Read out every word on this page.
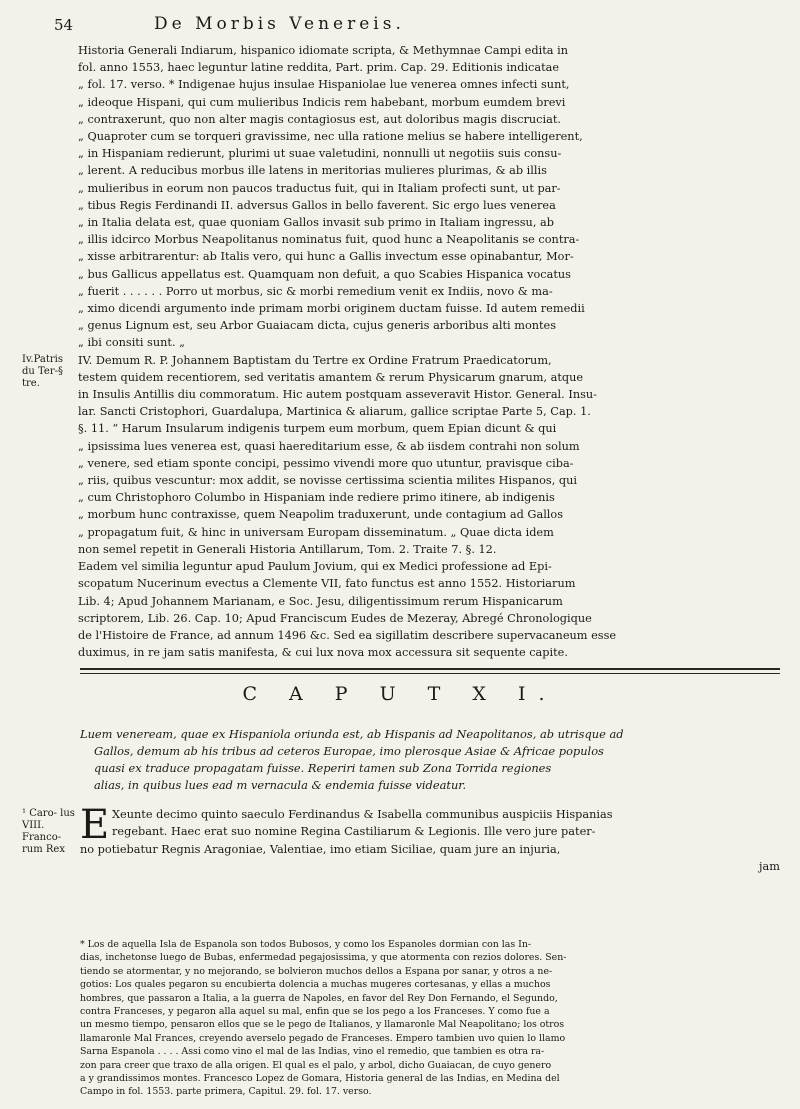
54	De Morbis Venereis.
Historia Generali Indiarum, hispanico idiomate scripta, & Methymnae Campi edita in
fol. anno 1553, haec leguntur latine reddita, Part. prim. Cap. 29. Editionis indicatae
„ fol. 17. verso. * Indigenae hujus insulae Hispaniolae lue venerea omnes infecti sunt,
„ ideoque Hispani, qui cum mulieribus Indicis rem habebant, morbum eumdem brevi
„ contraxerunt, quo non alter magis contagiosus est, aut doloribus magis discruciat.
„ Quaproter cum se torqueri gravissime, nec ulla ratione melius se habere intelligerent,
„ in Hispaniam redierunt, plurimi ut suae valetudini, nonnulli ut negotiis suis consu-
„ lerent. A reducibus morbus ille latens in meritorias mulieres plurimas, & ab illis
„ mulieribus in eorum non paucos traductus fuit, qui in Italiam profecti sunt, ut par-
„ tibus Regis Ferdinandi II. adversus Gallos in bello faverent. Sic ergo lues venerea
„ in Italia delata est, quae quoniam Gallos invasit sub primo in Italiam ingressu, ab
„ illis idcirco Morbus Neapolitanus nominatus fuit, quod hunc a Neapolitanis se contra-
„ xisse arbitrarentur: ab Italis vero, qui hunc a Gallis invectum esse opinabantur, Mor-
„ bus Gallicus appellatus est. Quamquam non defuit, a quo Scabies Hispanica vocatus
„ fuerit . . . . . . Porro ut morbus, sic & morbi remedium venit ex Indiis, novo & ma-
„ ximo dicendi argumento inde primam morbi originem ductam fuisse. Id autem remedii
„ genus Lignum est, seu Arbor Guaiacam dicta, cujus generis arboribus alti montes
„ ibi consiti sunt. „
IV. Demum R. P. Johannem Baptistam du Tertre ex Ordine Fratrum Praedicatorum,
testem quidem recentiorem, sed veritatis amantem & rerum Physicarum gnarum, atque
in Insulis Antillis diu commoratum. Hic autem postquam asseveravit Histor. General. Insu-
lar. Sancti Cristophori, Guardalupa, Martinica & aliarum, gallice scriptae Parte 5, Cap. 1.
§. 11. “ Harum Insularum indigenis turpem eum morbum, quem Epian dicunt & qui
„ ipsissima lues venerea est, quasi haereditarium esse, & ab iisdem contrahi non solum
„ venere, sed etiam sponte concipi, pessimo vivendi more quo utuntur, pravisque ciba-
„ riis, quibus vescuntur: mox addit, se novisse certissima scientia milites Hispanos, qui
„ cum Christophoro Columbo in Hispaniam inde rediere primo itinere, ab indigenis
„ morbum hunc contraxisse, quem Neapolim traduxerunt, unde contagium ad Gallos
„ propagatum fuit, & hinc in universam Europam disseminatum. „ Quae dicta idem
non semel repetit in Generali Historia Antillarum, Tom. 2. Traite 7. §. 12.
Eadem vel similia leguntur apud Paulum Jovium, qui ex Medici professione ad Epi-
scopatum Nucerinum evectus a Clemente VII, fato functus est anno 1552. Historiarum
Lib. 4; Apud Johannem Marianam, e Soc. Jesu, diligentissimum rerum Hispanicarum
scriptorem, Lib. 26. Cap. 10; Apud Franciscum Eudes de Mezeray, Abregé Chronologique
de l'Histoire de France, ad annum 1496 &c. Sed ea sigillatim describere supervacaneum esse
duximus, in re jam satis manifesta, & cui lux nova mox accessura sit sequente capite.
Iv.Patris du Ter-§ tre.
C A P U T X I.
Luem veneream, quae ex Hispaniola oriunda est, ab Hispanis ad Neapolitanos, ab utrisque ad
Gallos, demum ab his tribus ad ceteros Europae, imo plerosque Asiae & Africae populos
quasi ex traduce propagatam fuisse. Reperiri tamen sub Zona Torrida regiones
alias, in quibus lues ead m vernacula & endemia fuisse videatur.
¹ Caro- lus VIII. Franco- rum Rex
E Xeunte decimo quinto saeculo Ferdinandus & Isabella communibus auspiciis Hispanias
regebant. Haec erat suo nomine Regina Castiliarum & Legionis. Ille vero jure pater-
no potiebatur Regnis Aragoniae, Valentiae, imo etiam Siciliae, quam jure an injuria,
jam
* Los de aquella Isla de Espanola son todos Bubosos, y como los Espanoles dormian con las In-
dias, inchetonse luego de Bubas, enfermedad pegajosissima, y que atormenta con rezios dolores. Sen-
tiendo se atormentar, y no mejorando, se bolvieron muchos dellos a Espana por sanar, y otros a ne-
gotios: Los quales pegaron su encubierta dolencia a muchas mugeres cortesanas, y ellas a muchos
hombres, que passaron a Italia, a la guerra de Napoles, en favor del Rey Don Fernando, el Segundo,
contra Franceses, y pegaron alla aquel su mal, enfin que se los pego a los Franceses. Y como fue a
un mesmo tiempo, pensaron ellos que se le pego de Italianos, y llamaronle Mal Neapolitano; los otros
llamaronle Mal Frances, creyendo averselo pegado de Franceses. Empero tambien uvo quien lo llamo
Sarna Espanola . . . . Assi como vino el mal de las Indias, vino el remedio, que tambien es otra ra-
zon para creer que traxo de alla origen. El qual es el palo, y arbol, dicho Guaiacan, de cuyo genero
a y grandissimos montes. Francesco Lopez de Gomara, Historia general de las Indias, en Medina del
Campo in fol. 1553. parte primera, Capitul. 29. fol. 17. verso.
